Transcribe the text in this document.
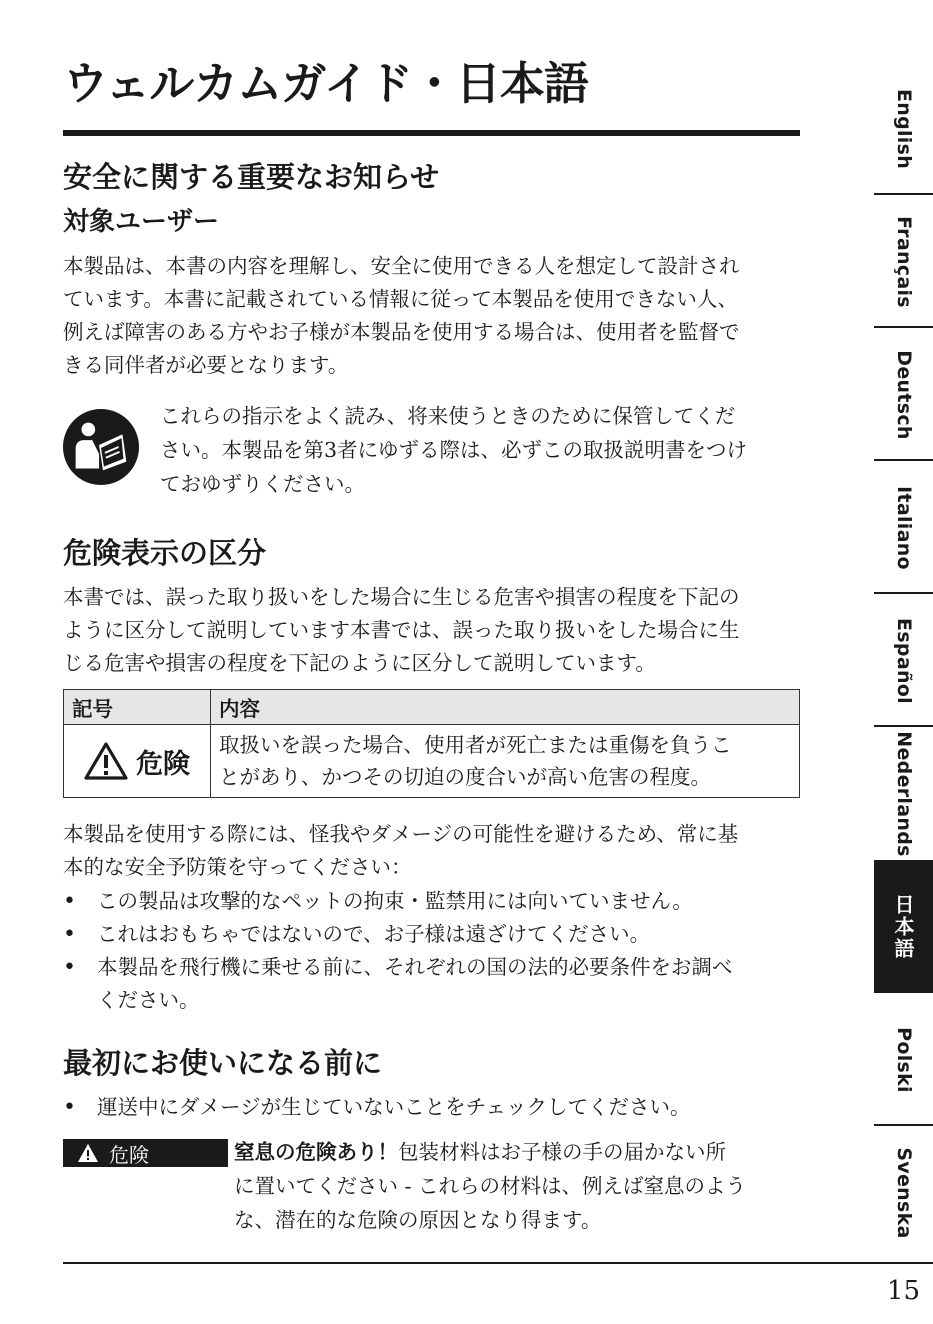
ウェルカムガイド・日本語
安全に関する重要なお知らせ
対象ユーザー
本製品は、本書の内容を理解し、安全に使用できる人を想定して設計され
ています。本書に記載されている情報に従って本製品を使用できない人、
例えば障害のある方やお子様が本製品を使用する場合は、使用者を監督で
きる同伴者が必要となります。
これらの指示をよく読み、将来使うときのために保管してくだ
さい。本製品を第3者にゆずる際は、必ずこの取扱説明書をつけ
ておゆずりください。
危険表示の区分
本書では、誤った取り扱いをした場合に生じる危害や損害の程度を下記の
ように区分して説明しています本書では、誤った取り扱いをした場合に生
じる危害や損害の程度を下記のように区分して説明しています。
記号	内容

危険	取扱いを誤った場合、使用者が死亡または重傷を負うこ
とがあり、かつその切迫の度合いが高い危害の程度。
本製品を使用する際には、怪我やダメージの可能性を避けるため、常に基
本的な安全予防策を守ってください：
• この製品は攻撃的なペットの拘束・監禁用には向いていません。
• これはおもちゃではないので、お子様は遠ざけてください。
• 本製品を飛行機に乗せる前に、それぞれの国の法的必要条件をお調べ
ください。
最初にお使いになる前に
• 運送中にダメージが生じていないことをチェックしてください。
危険	窒息の危険あり！包装材料はお子様の手の届かない所
に置いてください - これらの材料は、例えば窒息のよう
な、潜在的な危険の原因となり得ます。
15
English
Français
Deutsch
Italiano
Español
Nederlands
日本語
Polski
Svenska
